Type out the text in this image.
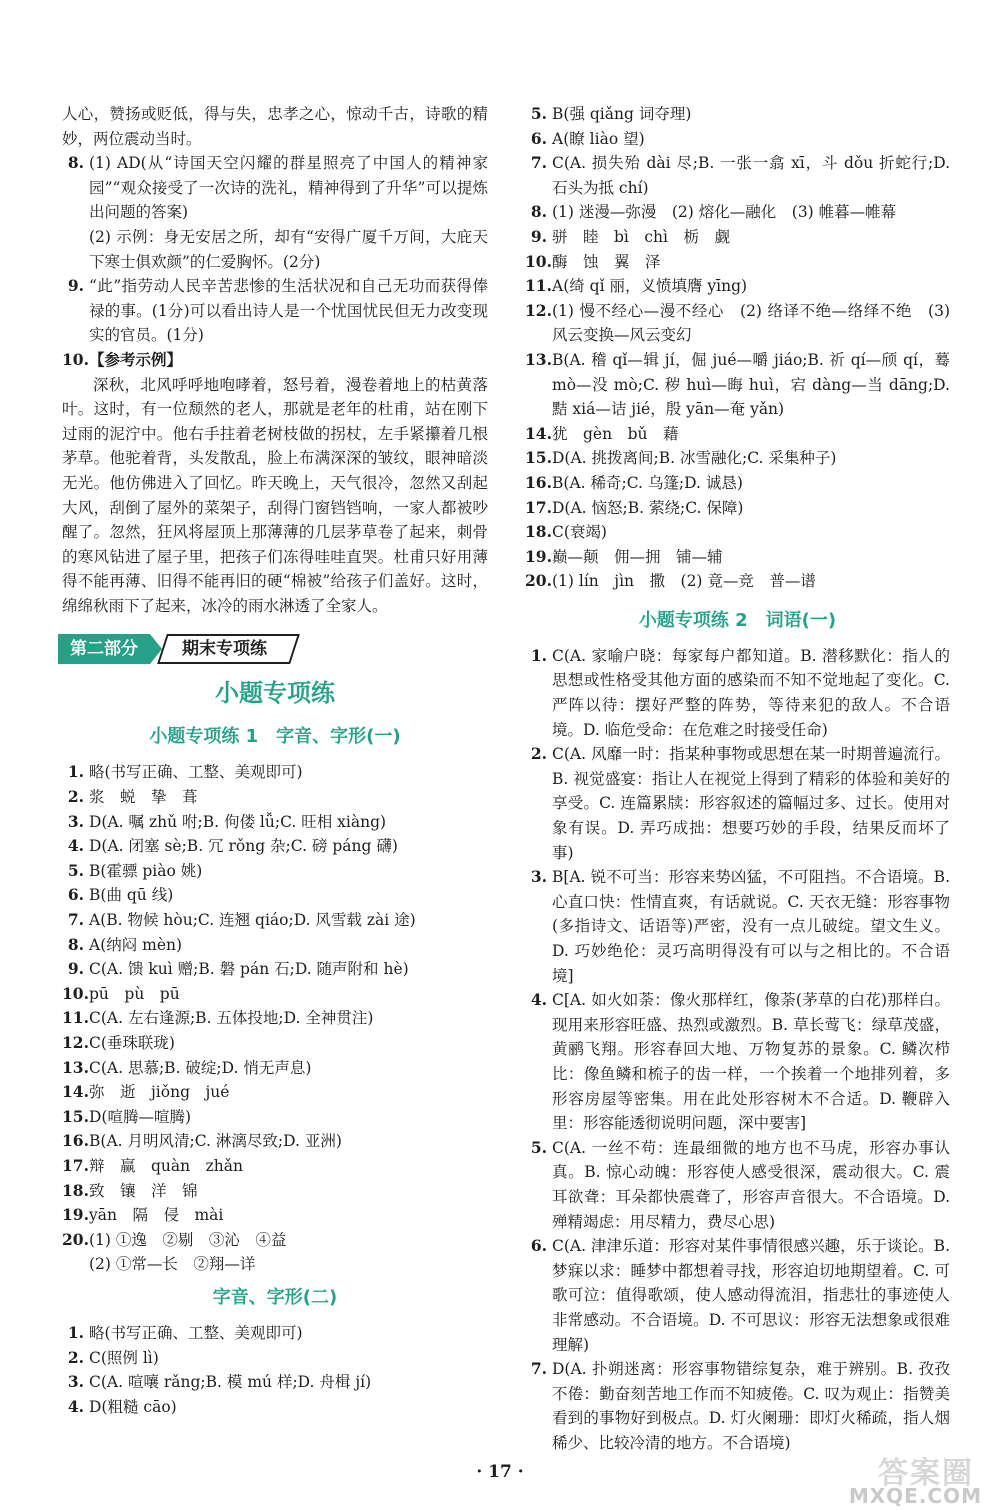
人心，赞扬或贬低，得与失，忠孝之心，惊动千古，诗歌的精妙，两位震动当时。
8. (1) AD(从“诗国天空闪耀的群星照亮了中国人的精神家园”“观众接受了一次诗的洗礼，精神得到了升华”可以提炼出问题的答案)
(2) 示例：身无安居之所，却有“安得广厦千万间，大庇天下寒士俱欢颜”的仁爱胸怀。(2分)
9. “此”指劳动人民辛苦悲惨的生活状况和自己无功而获得俸禄的事。(1分)可以看出诗人是一个忧国忧民但无力改变现实的官员。(1分)
10. 【参考示例】
深秋，北风呼呼地咆哮着，怒号着，漫卷着地上的枯黄落叶。这时，有一位颓然的老人，那就是老年的杜甫，站在刚下过雨的泥泞中。他右手拄着老树枝做的拐杖，左手紧攥着几根茅草。他驼着背，头发散乱，脸上布满深深的皱纹，眼神暗淡无光。他仿佛进入了回忆。昨天晚上，天气很冷，忽然又刮起大风，刮倒了屋外的菜架子，刮得门窗铛铛响，一家人都被吵醒了。忽然，狂风将屋顶上那薄薄的几层茅草卷了起来，刺骨的寒风钻进了屋子里，把孩子们冻得哇哇直哭。杜甫只好用薄得不能再薄、旧得不能再旧的硬“棉被”给孩子们盖好。这时，绵绵秋雨下了起来，冰冷的雨水淋透了全家人。
第二部分	期末专项练
小题专项练
小题专项练 1　字音、字形(一)
1. 略(书写正确、工整、美观即可)
2. 浆　蜕　挚　葺
3. D(A. 嘱 zhǔ 咐;B. 佝偻 lǚ;C. 旺相 xiàng)
4. D(A. 闭塞 sè;B. 冗 rǒng 杂;C. 磅 páng 礴)
5. B(霍骠 piào 姚)
6. B(曲 qū 线)
7. A(B. 物候 hòu;C. 连翘 qiáo;D. 风雪载 zài 途)
8. A(纳闷 mèn)
9. C(A. 馈 kuì 赠;B. 磐 pán 石;D. 随声附和 hè)
10. pū　pù　pū
11. C(A. 左右逢源;B. 五体投地;D. 全神贯注)
12. C(垂珠联珑)
13. C(A. 思慕;B. 破绽;D. 悄无声息)
14. 弥　逝　jiǒng　jué
15. D(喧腾—喧腾)
16. B(A. 月明风清;C. 淋漓尽致;D. 亚洲)
17. 辩　赢　quàn　zhǎn
18. 致　镶　洋　锦
19. yān　隔　侵　mài
20. (1) ①逸　②剔　③沁　④益
(2) ①常—长　②翔—详
字音、字形(二)
1. 略(书写正确、工整、美观即可)
2. C(照例 lì)
3. C(A. 喧嚷 rǎng;B. 模 mú 样;D. 舟楫 jí)
4. D(粗糙 cāo)
5. B(强 qiǎng 词夺理)
6. A(瞭 liào 望)
7. C(A. 损失殆 dài 尽;B. 一张一翕 xī，斗 dǒu 折蛇行;D. 石头为抵 chí)
8. (1) 迷漫—弥漫　(2) 熔化—融化　(3) 帷暮—帷幕
9. 骈　睦　bì　chì　栃　觑
10. 酶　蚀　翼　泽
11. A(绮 qǐ 丽，义愤填膺 yīng)
12. (1) 慢不经心—漫不经心　(2) 络译不绝—络绎不绝　(3) 风云变换—风云变幻
13. B(A. 稽 qǐ—辑 jí，倔 jué—嚼 jiáo;B. 祈 qí—颀 qí，蓦 mò—没 mò;C. 秽 huì—晦 huì，宕 dàng—当 dāng;D. 黠 xiá—诘 jié，殷 yān—奄 yǎn)
14. 犹　gèn　bǔ　藉
15. D(A. 挑拨离间;B. 冰雪融化;C. 采集种子)
16. B(A. 稀奇;C. 乌篷;D. 诚恳)
17. D(A. 恼怒;B. 萦绕;C. 保障)
18. C(衰竭)
19. 巅—颠　佣—拥　铺—辅
20. (1) lín　jìn　撒　(2) 竟—竞　普—谱
小题专项练 2　词语(一)
1. C(A. 家喻户晓：每家每户都知道。B. 潜移默化：指人的思想或性格受其他方面的感染而不知不觉地起了变化。C. 严阵以待：摆好严整的阵势，等待来犯的敌人。不合语境。D. 临危受命：在危难之时接受任命)
2. C(A. 风靡一时：指某种事物或思想在某一时期普遍流行。B. 视觉盛宴：指让人在视觉上得到了精彩的体验和美好的享受。C. 连篇累牍：形容叙述的篇幅过多、过长。使用对象有误。D. 弄巧成拙：想要巧妙的手段，结果反而坏了事)
3. B[A. 锐不可当：形容来势凶猛，不可阻挡。不合语境。B. 心直口快：性情直爽，有话就说。C. 天衣无缝：形容事物(多指诗文、话语等)严密，没有一点儿破绽。望文生义。D. 巧妙绝伦：灵巧高明得没有可以与之相比的。不合语境]
4. C[A. 如火如荼：像火那样红，像荼(茅草的白花)那样白。现用来形容旺盛、热烈或激烈。B. 草长莺飞：绿草茂盛，黄鹂飞翔。形容春回大地、万物复苏的景象。C. 鳞次栉比：像鱼鳞和梳子的齿一样，一个挨着一个地排列着，多形容房屋等密集。用在此处形容树木不合适。D. 鞭辟入里：形容能透彻说明问题，深中要害]
5. C(A. 一丝不苟：连最细微的地方也不马虎，形容办事认真。B. 惊心动魄：形容使人感受很深，震动很大。C. 震耳欲聋：耳朵都快震聋了，形容声音很大。不合语境。D. 殚精竭虑：用尽精力，费尽心思)
6. C(A. 津津乐道：形容对某件事情很感兴趣，乐于谈论。B. 梦寐以求：睡梦中都想着寻找，形容迫切地期望着。C. 可歌可泣：值得歌颂，使人感动得流泪，指悲壮的事迹使人非常感动。不合语境。D. 不可思议：形容无法想象或很难理解)
7. D(A. 扑朔迷离：形容事物错综复杂，难于辨别。B. 孜孜不倦：勤奋刻苦地工作而不知疲倦。C. 叹为观止：指赞美看到的事物好到极点。D. 灯火阑珊：即灯火稀疏，指人烟稀少、比较冷清的地方。不合语境)
· 17 ·	答案圈
MXQE.COM
